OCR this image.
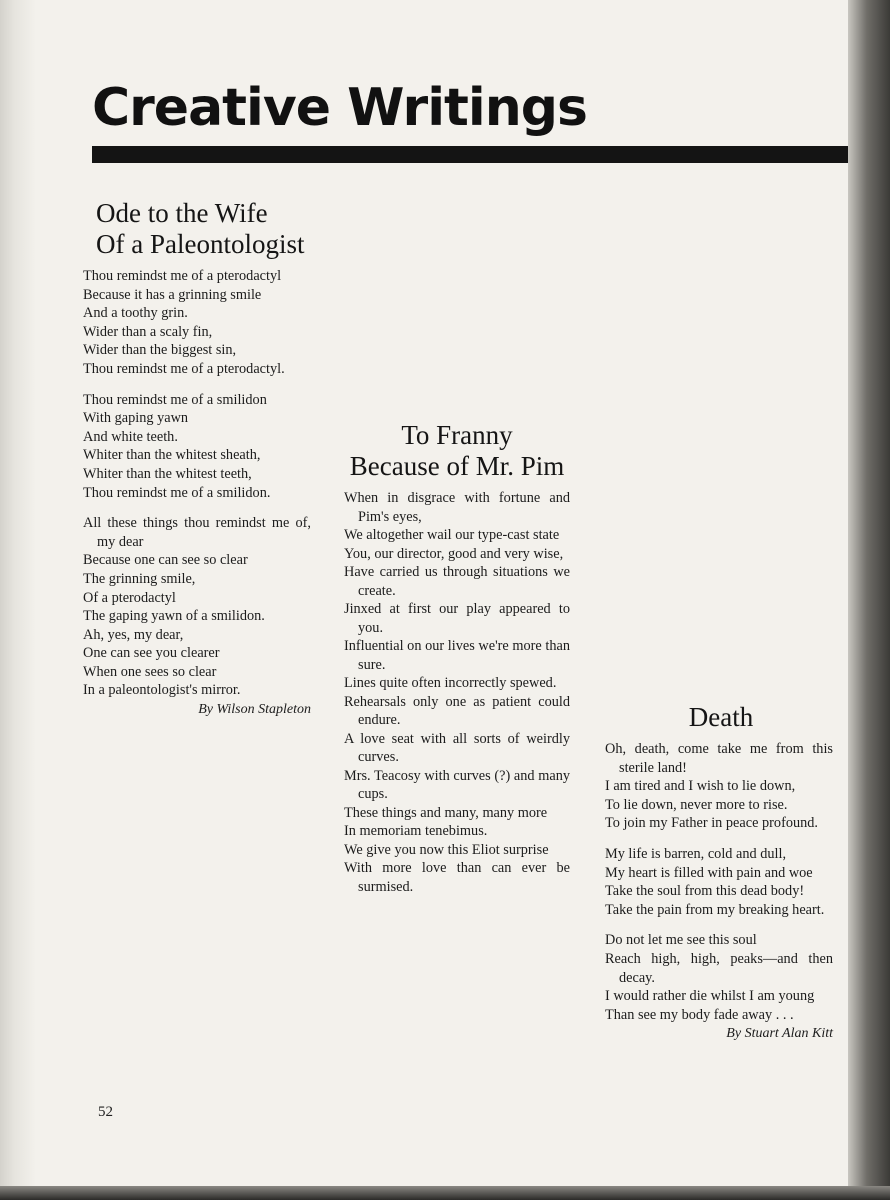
Creative Writings
Ode to the Wife
Of a Paleontologist
Thou remindst me of a pterodactyl
Because it has a grinning smile
And a toothy grin.
Wider than a scaly fin,
Wider than the biggest sin,
Thou remindst me of a pterodactyl.
Thou remindst me of a smilidon
With gaping yawn
And white teeth.
Whiter than the whitest sheath,
Whiter than the whitest teeth,
Thou remindst me of a smilidon.
All these things thou remindst me of, my dear
Because one can see so clear
The grinning smile,
Of a pterodactyl
The gaping yawn of a smilidon.
Ah, yes, my dear,
One can see you clearer
When one sees so clear
In a paleontologist's mirror.
By Wilson Stapleton
To Franny
Because of Mr. Pim
When in disgrace with fortune and Pim's eyes,
We altogether wail our type-cast state
You, our director, good and very wise,
Have carried us through situations we create.
Jinxed at first our play appeared to you.
Influential on our lives we're more than sure.
Lines quite often incorrectly spewed.
Rehearsals only one as patient could endure.
A love seat with all sorts of weirdly curves.
Mrs. Teacosy with curves (?) and many cups.
These things and many, many more
In memoriam tenebimus.
We give you now this Eliot surprise
With more love than can ever be surmised.
Death
Oh, death, come take me from this sterile land!
I am tired and I wish to lie down,
To lie down, never more to rise.
To join my Father in peace profound.
My life is barren, cold and dull,
My heart is filled with pain and woe
Take the soul from this dead body!
Take the pain from my breaking heart.
Do not let me see this soul
Reach high, high, peaks—and then decay.
I would rather die whilst I am young
Than see my body fade away . . .
By Stuart Alan Kitt
52
